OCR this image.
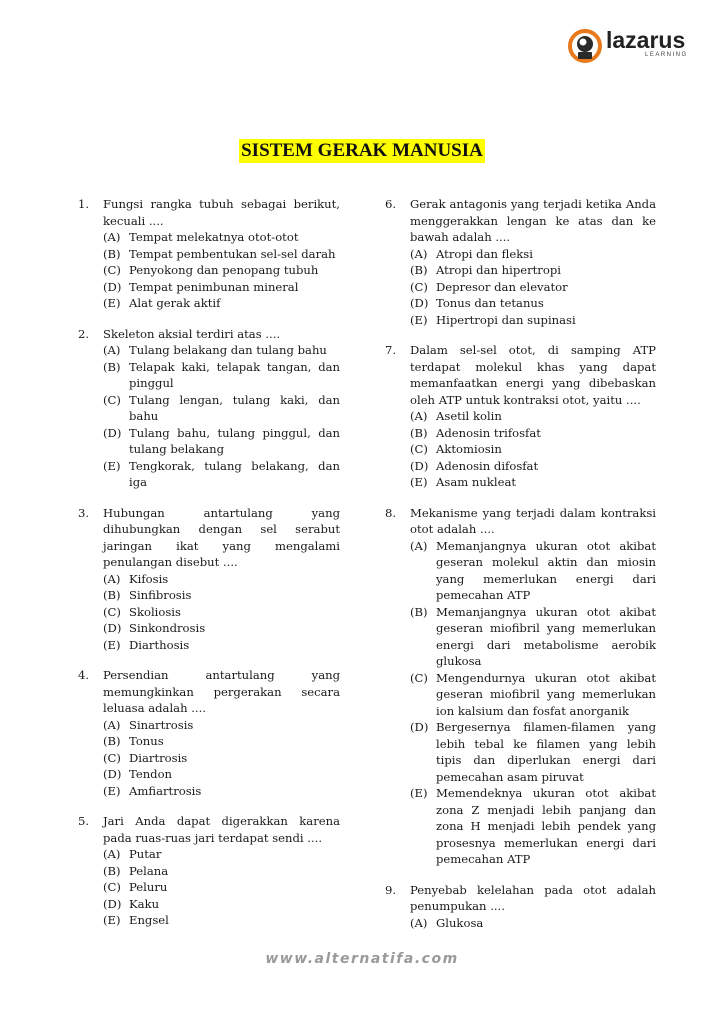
lazarus
LEARNING
SISTEM GERAK MANUSIA
1. Fungsi rangka tubuh sebagai berikut, kecuali ....
(A) Tempat melekatnya otot-otot
(B) Tempat pembentukan sel-sel darah
(C) Penyokong dan penopang tubuh
(D) Tempat penimbunan mineral
(E) Alat gerak aktif
2. Skeleton aksial terdiri atas ....
(A) Tulang belakang dan tulang bahu
(B) Telapak kaki, telapak tangan, dan pinggul
(C) Tulang lengan, tulang kaki, dan bahu
(D) Tulang bahu, tulang pinggul, dan tulang belakang
(E) Tengkorak, tulang belakang, dan iga
3. Hubungan antartulang yang dihubungkan dengan sel serabut jaringan ikat yang mengalami penulangan disebut ....
(A) Kifosis
(B) Sinfibrosis
(C) Skoliosis
(D) Sinkondrosis
(E) Diarthosis
4. Persendian antartulang yang memungkinkan pergerakan secara leluasa adalah ....
(A) Sinartrosis
(B) Tonus
(C) Diartrosis
(D) Tendon
(E) Amfiartrosis
5. Jari Anda dapat digerakkan karena pada ruas-ruas jari terdapat sendi ....
(A) Putar
(B) Pelana
(C) Peluru
(D) Kaku
(E) Engsel
6. Gerak antagonis yang terjadi ketika Anda menggerakkan lengan ke atas dan ke bawah adalah ....
(A) Atropi dan fleksi
(B) Atropi dan hipertropi
(C) Depresor dan elevator
(D) Tonus dan tetanus
(E) Hipertropi dan supinasi
7. Dalam sel-sel otot, di samping ATP terdapat molekul khas yang dapat memanfaatkan energi yang dibebaskan oleh ATP untuk kontraksi otot, yaitu ....
(A) Asetil kolin
(B) Adenosin trifosfat
(C) Aktomiosin
(D) Adenosin difosfat
(E) Asam nukleat
8. Mekanisme yang terjadi dalam kontraksi otot adalah ....
(A) Memanjangnya ukuran otot akibat geseran molekul aktin dan miosin yang memerlukan energi dari pemecahan ATP
(B) Memanjangnya ukuran otot akibat geseran miofibril yang memerlukan energi dari metabolisme aerobik glukosa
(C) Mengendurnya ukuran otot akibat geseran miofibril yang memerlukan ion kalsium dan fosfat anorganik
(D) Bergesernya filamen-filamen yang lebih tebal ke filamen yang lebih tipis dan diperlukan energi dari pemecahan asam piruvat
(E) Memendeknya ukuran otot akibat zona Z menjadi lebih panjang dan zona H menjadi lebih pendek yang prosesnya memerlukan energi dari pemecahan ATP
9. Penyebab kelelahan pada otot adalah penumpukan ....
(A) Glukosa
www.alternatifa.com
